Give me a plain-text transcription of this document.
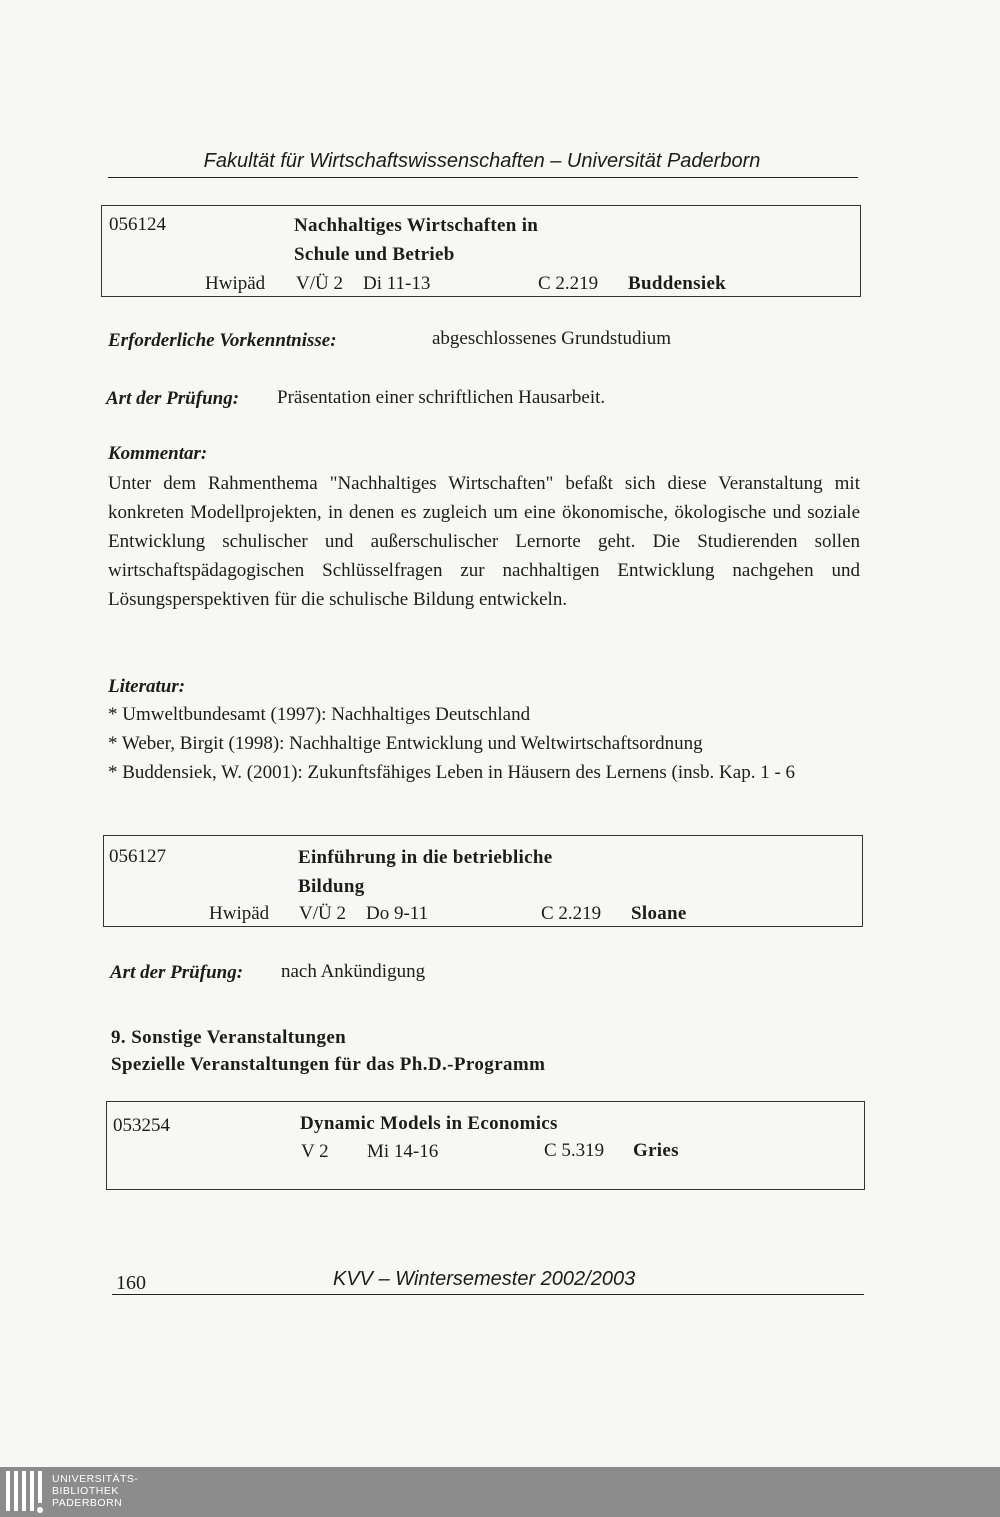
Fakultät für Wirtschaftswissenschaften – Universität Paderborn
056124	Nachhaltiges Wirtschaften in
Schule und Betrieb
Hwipäd V/Ü 2 Di 11-13	C 2.219 Buddensiek
Erforderliche Vorkenntnisse:	abgeschlossenes Grundstudium
Art der Prüfung: Präsentation einer schriftlichen Hausarbeit.
Kommentar:
Unter dem Rahmenthema "Nachhaltiges Wirtschaften" befaßt sich diese Veranstaltung mit konkreten Modellprojekten, in denen es zugleich um eine ökonomische, ökologische und soziale Entwicklung schulischer und außerschulischer Lernorte geht. Die Studierenden sollen wirtschaftspädagogischen Schlüsselfragen zur nachhaltigen Entwicklung nachgehen und Lösungsperspektiven für die schulische Bildung entwickeln.
Literatur:
* Umweltbundesamt (1997): Nachhaltiges Deutschland
* Weber, Birgit (1998): Nachhaltige Entwicklung und Weltwirtschaftsordnung
* Buddensiek, W. (2001): Zukunftsfähiges Leben in Häusern des Lernens (insb. Kap. 1 - 6
056127	Einführung in die betriebliche
Bildung
Hwipäd V/Ü 2 Do 9-11	C 2.219 Sloane
Art der Prüfung: nach Ankündigung
9. Sonstige Veranstaltungen
Spezielle Veranstaltungen für das Ph.D.-Programm
053254	Dynamic Models in Economics
V 2 Mi 14-16	C 5.319 Gries
160	KVV – Wintersemester 2002/2003
UNIVERSITÄTS-
BIBLIOTHEK
PADERBORN
